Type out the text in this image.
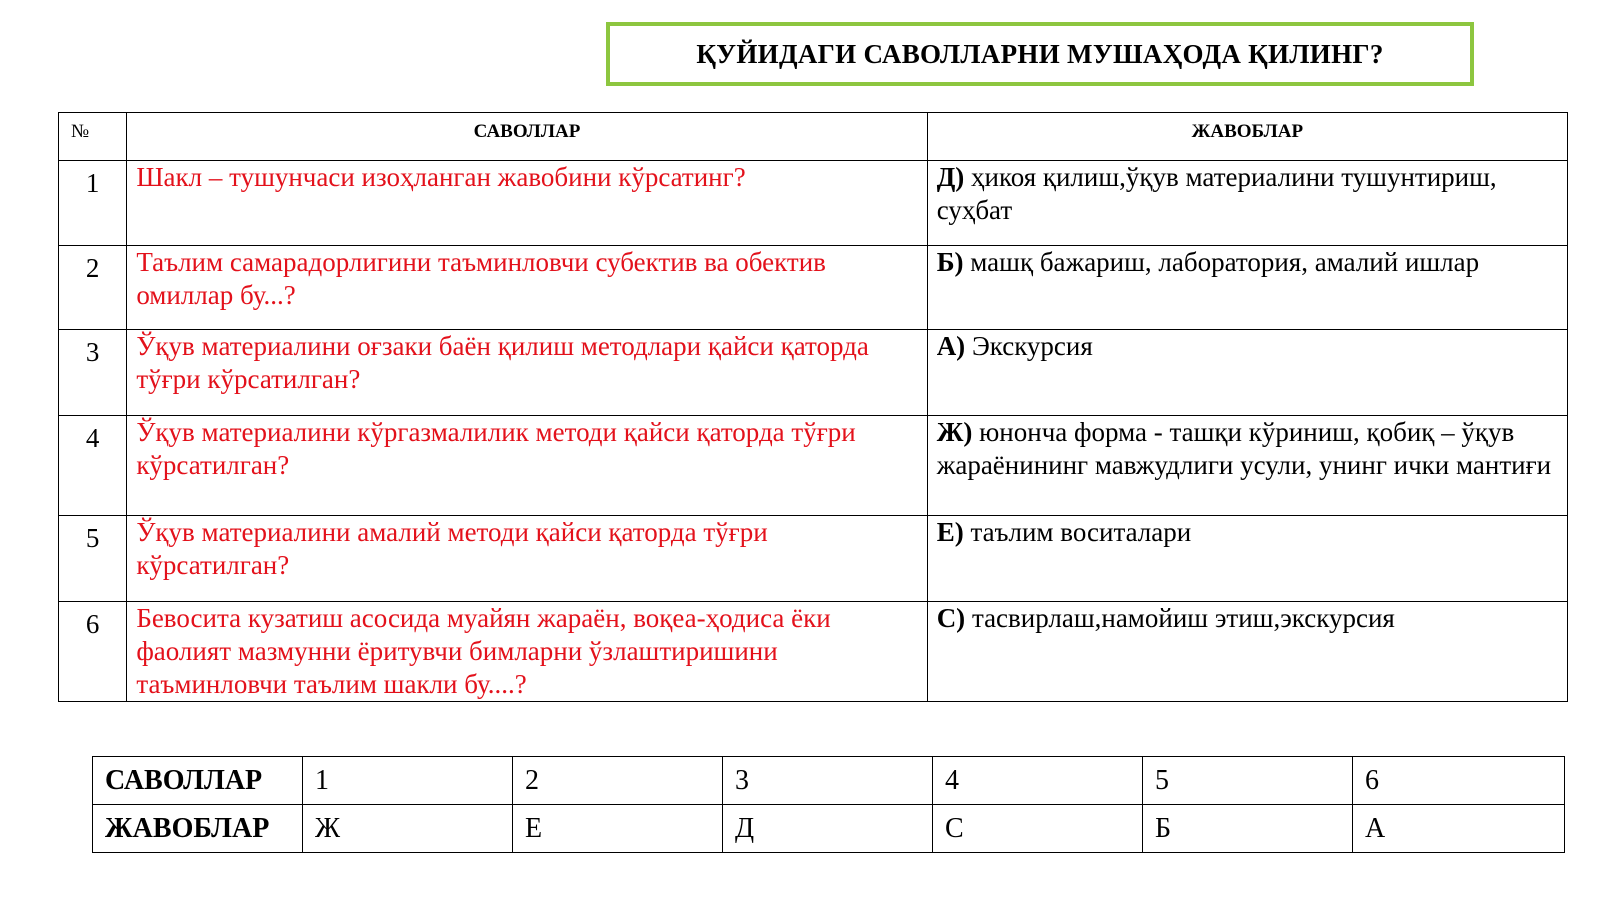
ҚУЙИДАГИ САВОЛЛАРНИ МУШАҲОДА ҚИЛИНГ?
№	САВОЛЛАР	ЖАВОБЛАР
1	Шакл – тушунчаси изоҳланган жавобини кўрсатинг?	Д) ҳикоя қилиш,ўқув материалини тушунтириш, суҳбат
2	Таълим самарадорлигини таъминловчи субектив ва обектив омиллар бу...?	Б) машқ бажариш, лаборатория, амалий ишлар
3	Ўқув материалини оғзаки баён қилиш методлари қайси қаторда тўғри кўрсатилган?	А) Экскурсия
4	Ўқув материалини кўргазмалилик методи қайси қаторда тўғри кўрсатилган?	Ж) юнонча форма - ташқи кўриниш, қобиқ – ўқув жараёнининг мавжудлиги усули, унинг ички мантиғи
5	Ўқув материалини амалий методи қайси қаторда тўғри кўрсатилган?	Е) таълим воситалари
6	Бевосита кузатиш асосида муайян жараён, воқеа-ҳодиса ёки фаолият мазмунни ёритувчи бимларни ўзлаштиришини таъминловчи таълим шакли бу....?	С) тасвирлаш,намойиш этиш,экскурсия
САВОЛЛАР	1	2	3	4	5	6
ЖАВОБЛАР	Ж	Е	Д	С	Б	А
